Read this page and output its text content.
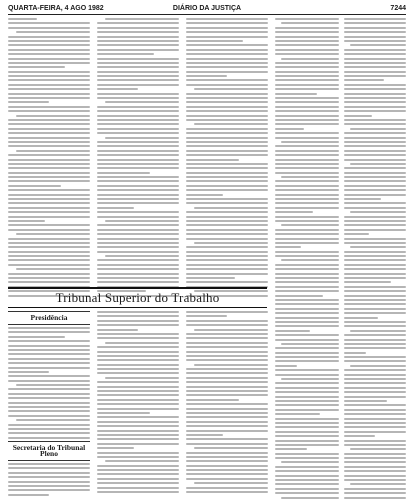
QUARTA-FEIRA, 4 AGO 1982	DIÁRIO DA JUSTIÇA	7244
Tribunal Superior do Trabalho
Presidência
Secretaria do Tribunal Pleno
